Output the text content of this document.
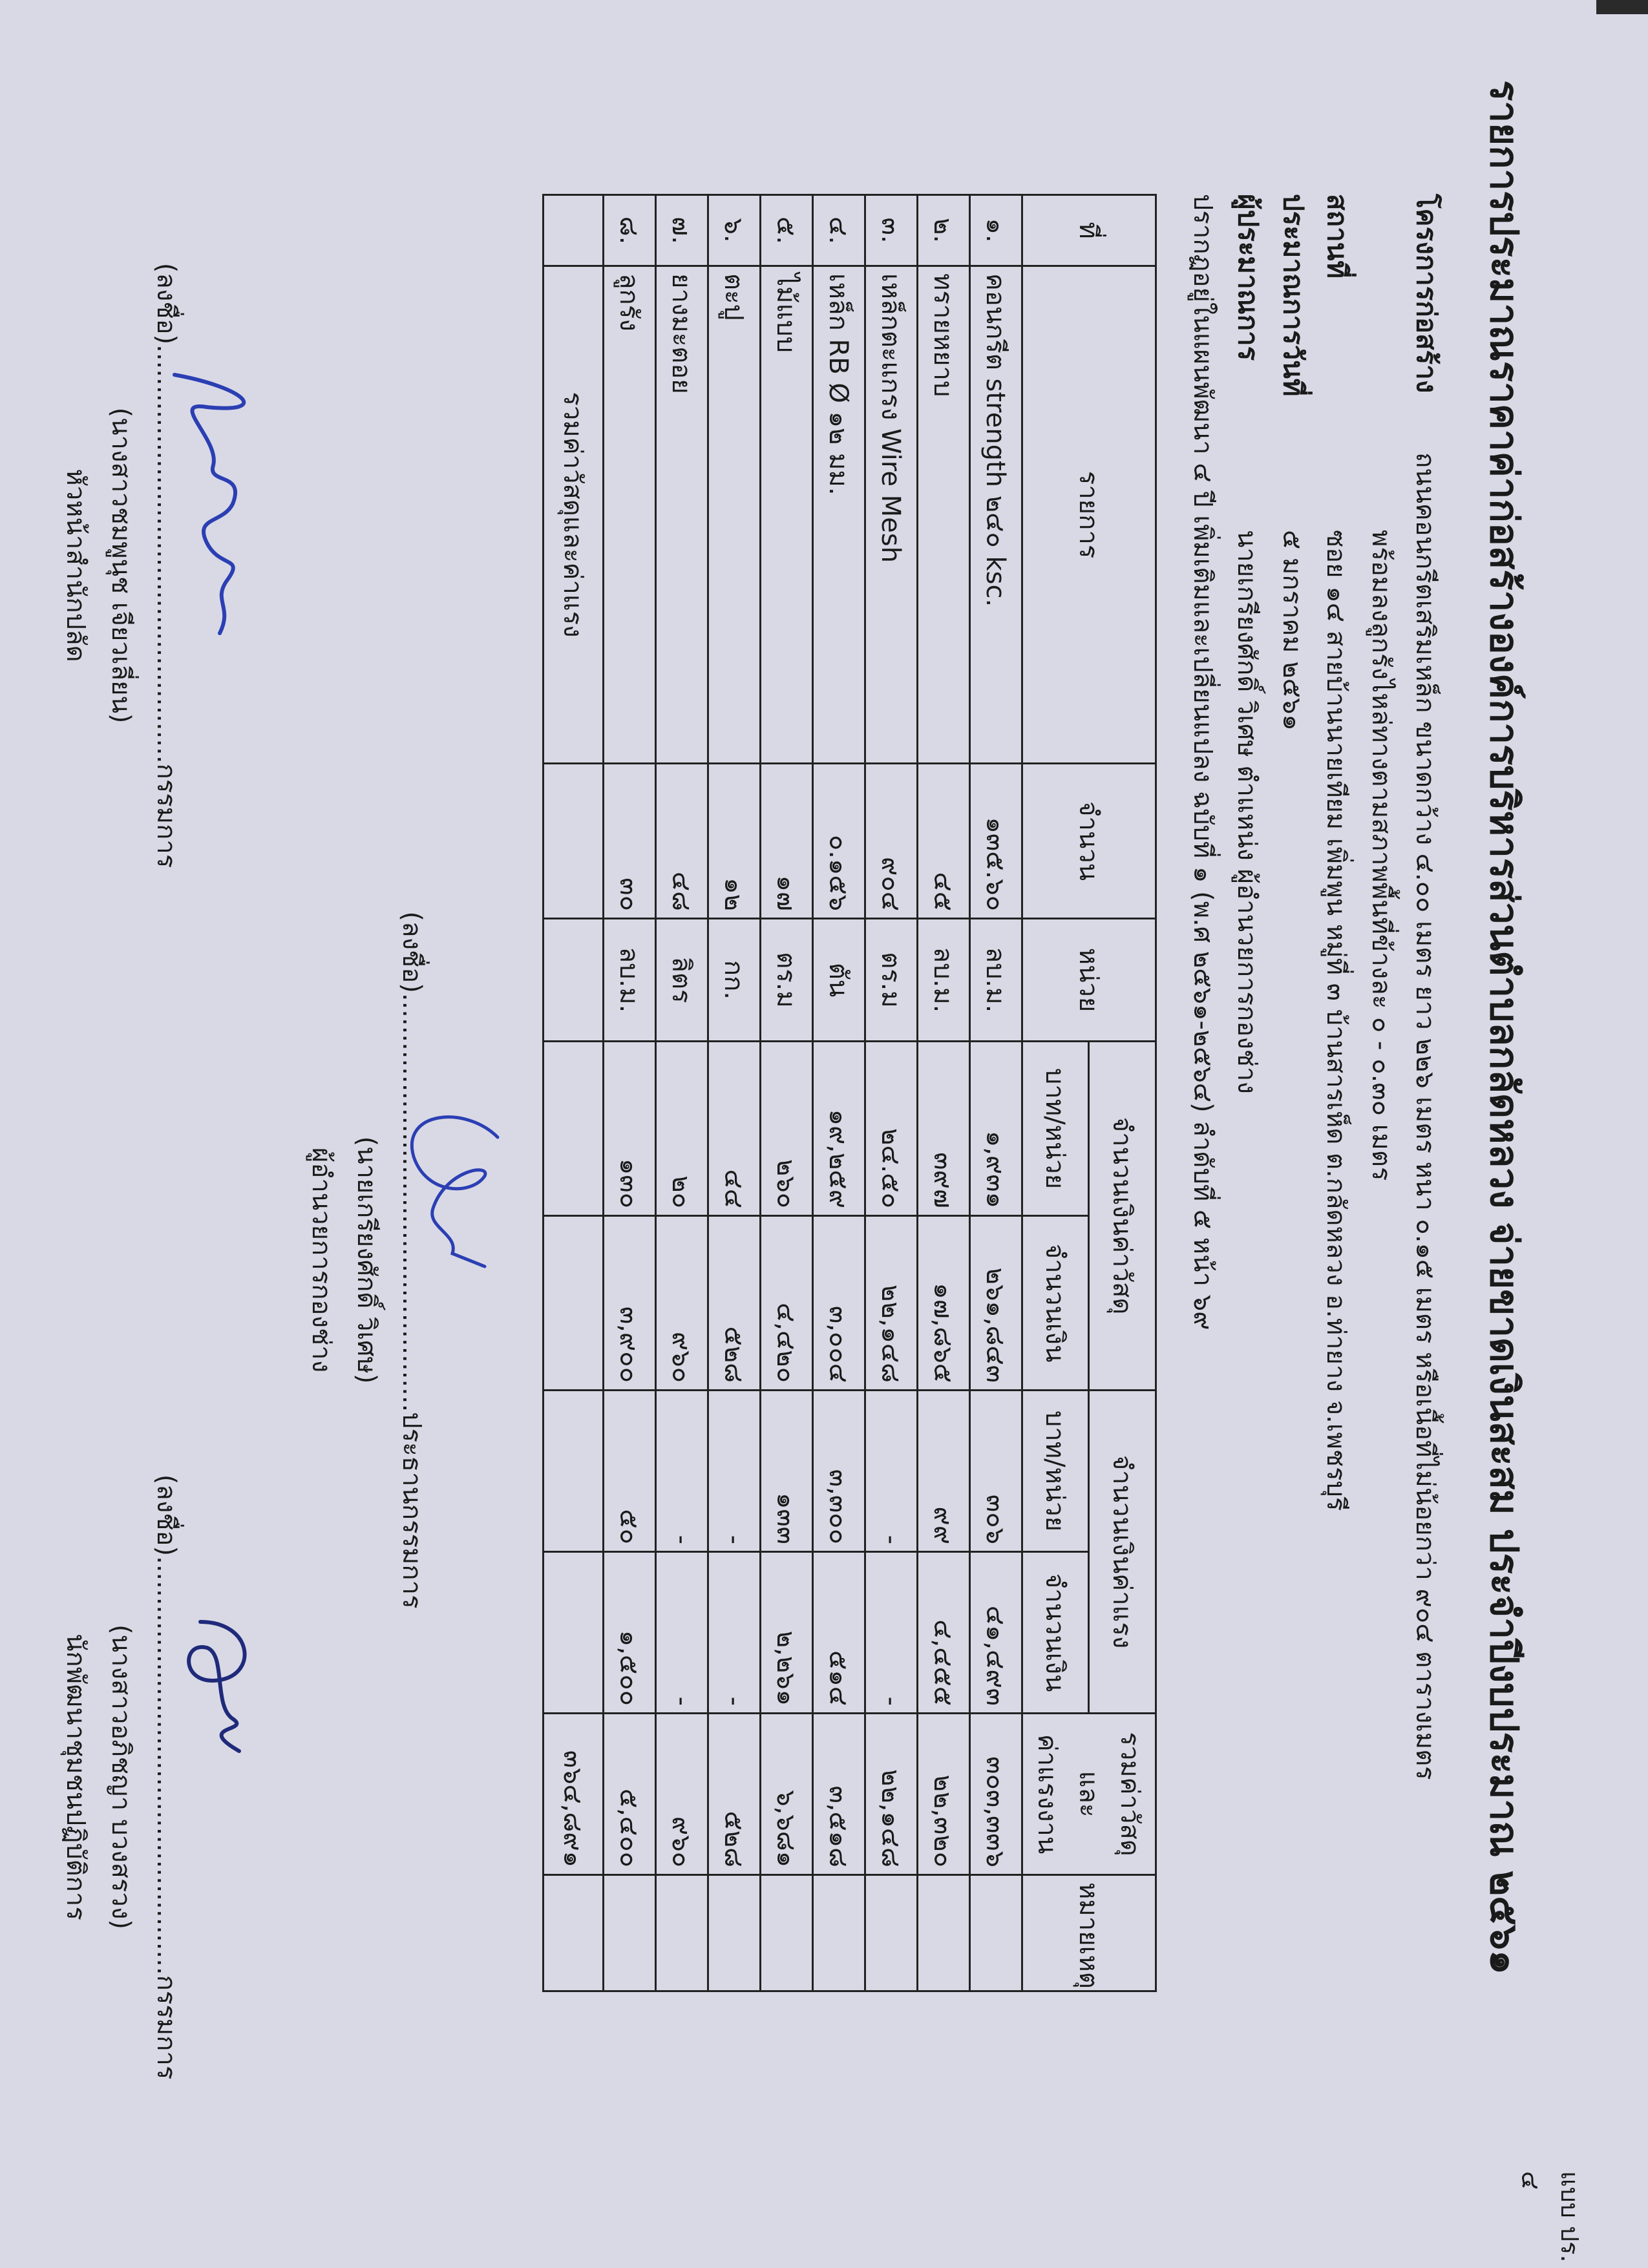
แบบ ปร. ๔
รายการประมาณราคาค่าก่อสร้างองค์การบริหารส่วนตำบลกลัดหลวง จ่ายขาดเงินสะสม ประจำปีงบประมาณ ๒๕๖๑
โครงการก่อสร้าง
ถนนคอนกรีตเสริมเหล็ก ขนาดกว้าง ๔.๐๐ เมตร ยาว ๒๒๖ เมตร หนา ๐.๑๕ เมตร หรือเนื้อที่ไม่น้อยกว่า ๙๐๔ ตารางเมตร
พร้อมลงลูกรังไหล่ทางตามสภาพพื้นที่ข้างละ ๐ - ๐.๓๐ เมตร
สถานที่
ซอย ๑๔ สายบ้านนายเทียม เพิ่มพูน หมู่ที่ ๓ บ้านสารเห็ด ต.กลัดหลวง อ.ท่ายาง จ.เพชรบุรี
ประมาณการวันที่
๕ มกราคม ๒๕๖๑
ผู้ประมาณการ
นายเกรียงศักดิ์ วิเศษ ตำแหน่ง ผู้อำนวยการกองช่าง
ปรากฏอยู่ในแผนพัฒนา ๔ ปี เพิ่มเติมและเปลี่ยนแปลง ฉบับที่ ๑ (พ.ศ ๒๕๖๑-๒๕๖๔) ลำดับที่ ๕ หน้า ๖๙
ที่	รายการ	จำนวน	หน่วย	จำนวนเงินค่าวัสดุ		จำนวนเงินค่าแรง		รวมค่าวัสดุ
และ
ค่าแรงงาน	หมายเหตุ
				บาท/หน่วย	จำนวนเงิน	บาท/หน่วย	จำนวนเงิน		
๑.	คอนกรีต strength ๒๔๐ ksc.	๑๓๕.๖๐	ลบ.ม.	๑,๙๓๑	๒๖๑,๘๔๓	๓๐๖	๔๑,๔๙๓	๓๐๓,๓๓๖	
๒.	ทรายหยาบ	๔๕	ลบ.ม.	๓๙๗	๑๗,๘๖๕	๙๙	๔,๔๕๕	๒๒,๓๒๐	
๓.	เหล็กตะแกรง Wire Mesh	๙๐๔	ตร.ม	๒๔.๕๐	๒๒,๑๔๘	-	-	๒๒,๑๔๘	
๔.	เหล็ก RB Ø ๑๒ มม.	๐.๑๕๖	ตัน	๑๙,๒๕๙	๓,๐๐๔	๓,๓๐๐	๕๑๔	๓,๕๑๘	
๕.	ไม้แบบ	๑๗	ตร.ม	๒๖๐	๔,๔๒๐	๑๓๓	๒,๒๖๑	๖,๖๘๑	
๖.	ตะปู	๑๒	กก.	๔๔	๕๒๘	-	-	๕๒๘	
๗.	ยางมะตอย	๔๘	ลิตร	๒๐	๙๖๐	-	-	๙๖๐	
๘.	ลูกรัง	๓๐	ลบ.ม.	๑๓๐	๓,๙๐๐	๕๐	๑,๕๐๐	๕,๔๐๐	
	รวมค่าวัสดุและค่าแรง							๓๖๔,๘๙๑	
(ลงชื่อ)...................................................ประธานกรรมการ
(นายเกรียงศักดิ์ วิเศษ)
ผู้อำนวยการกองช่าง
(ลงชื่อ)...................................................กรรมการ
(นางสาวชมพูนุช เจียวเลี่ยน)
หัวหน้าสำนักปลัด
(ลงชื่อ)...................................................กรรมการ
(นางสาวอภิชญา บวงสรวง)
นักพัฒนาชุมชนปฏิบัติการ
